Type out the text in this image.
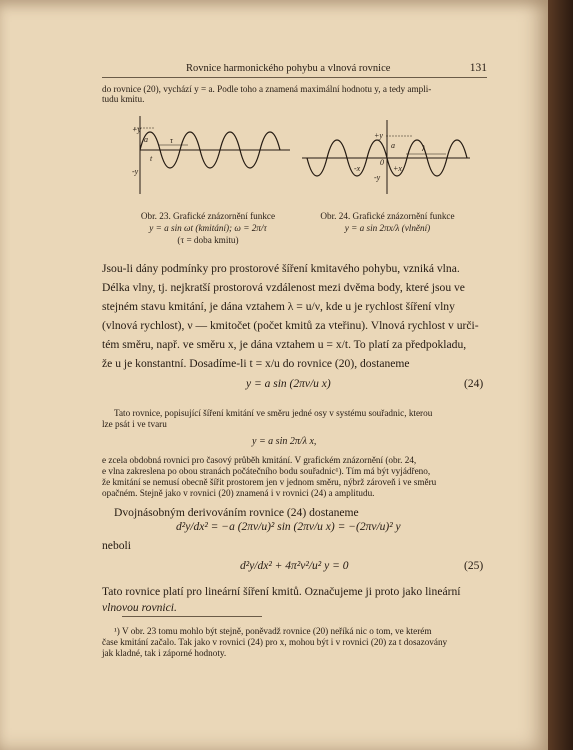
Rovnice harmonického pohybu a vlnová rovnice	131
do rovnice (20), vychází y = a. Podle toho a znamená maximální hodnotu y, a tedy ampli-
tudu kmitu.
+y
-y
a	τ
t
Obr. 23. Grafické znázornění funkce
y = a sin ωt (kmitání); ω = 2π/τ
(τ = doba kmitu)
+y
-y
a	λ
+x
-x
0
Obr. 24. Grafické znázornění funkce
y = a sin 2πx/λ (vlnění)
Jsou-li dány podmínky pro prostorové šíření kmitavého pohybu, vzniká vlna.
Délka vlny, tj. nejkratší prostorová vzdálenost mezi dvěma body, které jsou ve
stejném stavu kmitání, je dána vztahem λ = u/ν, kde u je rychlost šíření vlny
(vlnová rychlost), ν — kmitočet (počet kmitů za vteřinu). Vlnová rychlost v urči-
tém směru, např. ve směru x, je dána vztahem u = x/t. To platí za předpokladu,
že u je konstantní. Dosadíme-li t = x/u do rovnice (20), dostaneme
y = a sin (2πν/u x)	(24)
Tato rovnice, popisující šíření kmitání ve směru jedné osy v systému souřadnic, kterou
lze psát i ve tvaru
y = a sin 2π/λ x,
e zcela obdobná rovnici pro časový průběh kmitání. V grafickém znázornění (obr. 24,
e vlna zakreslena po obou stranách počátečního bodu souřadnic¹). Tím má být vyjádřeno,
že kmitání se nemusí obecně šířit prostorem jen v jednom směru, nýbrž zároveň i ve směru
opačném. Stejně jako v rovnici (20) znamená i v rovnici (24) a amplitudu.
Dvojnásobným derivováním rovnice (24) dostaneme
d²y/dx² = −a (2πν/u)² sin (2πν/u x) = −(2πν/u)² y
neboli
d²y/dx² + 4π²ν²/u² y = 0	(25)
Tato rovnice platí pro lineární šíření kmitů. Označujeme ji proto jako lineární
vlnovou rovnici.
¹) V obr. 23 tomu mohlo být stejně, poněvadž rovnice (20) neříká nic o tom, ve kterém
čase kmitání začalo. Tak jako v rovnici (24) pro x, mohou být i v rovnici (20) za t dosazovány
jak kladné, tak i záporné hodnoty.
